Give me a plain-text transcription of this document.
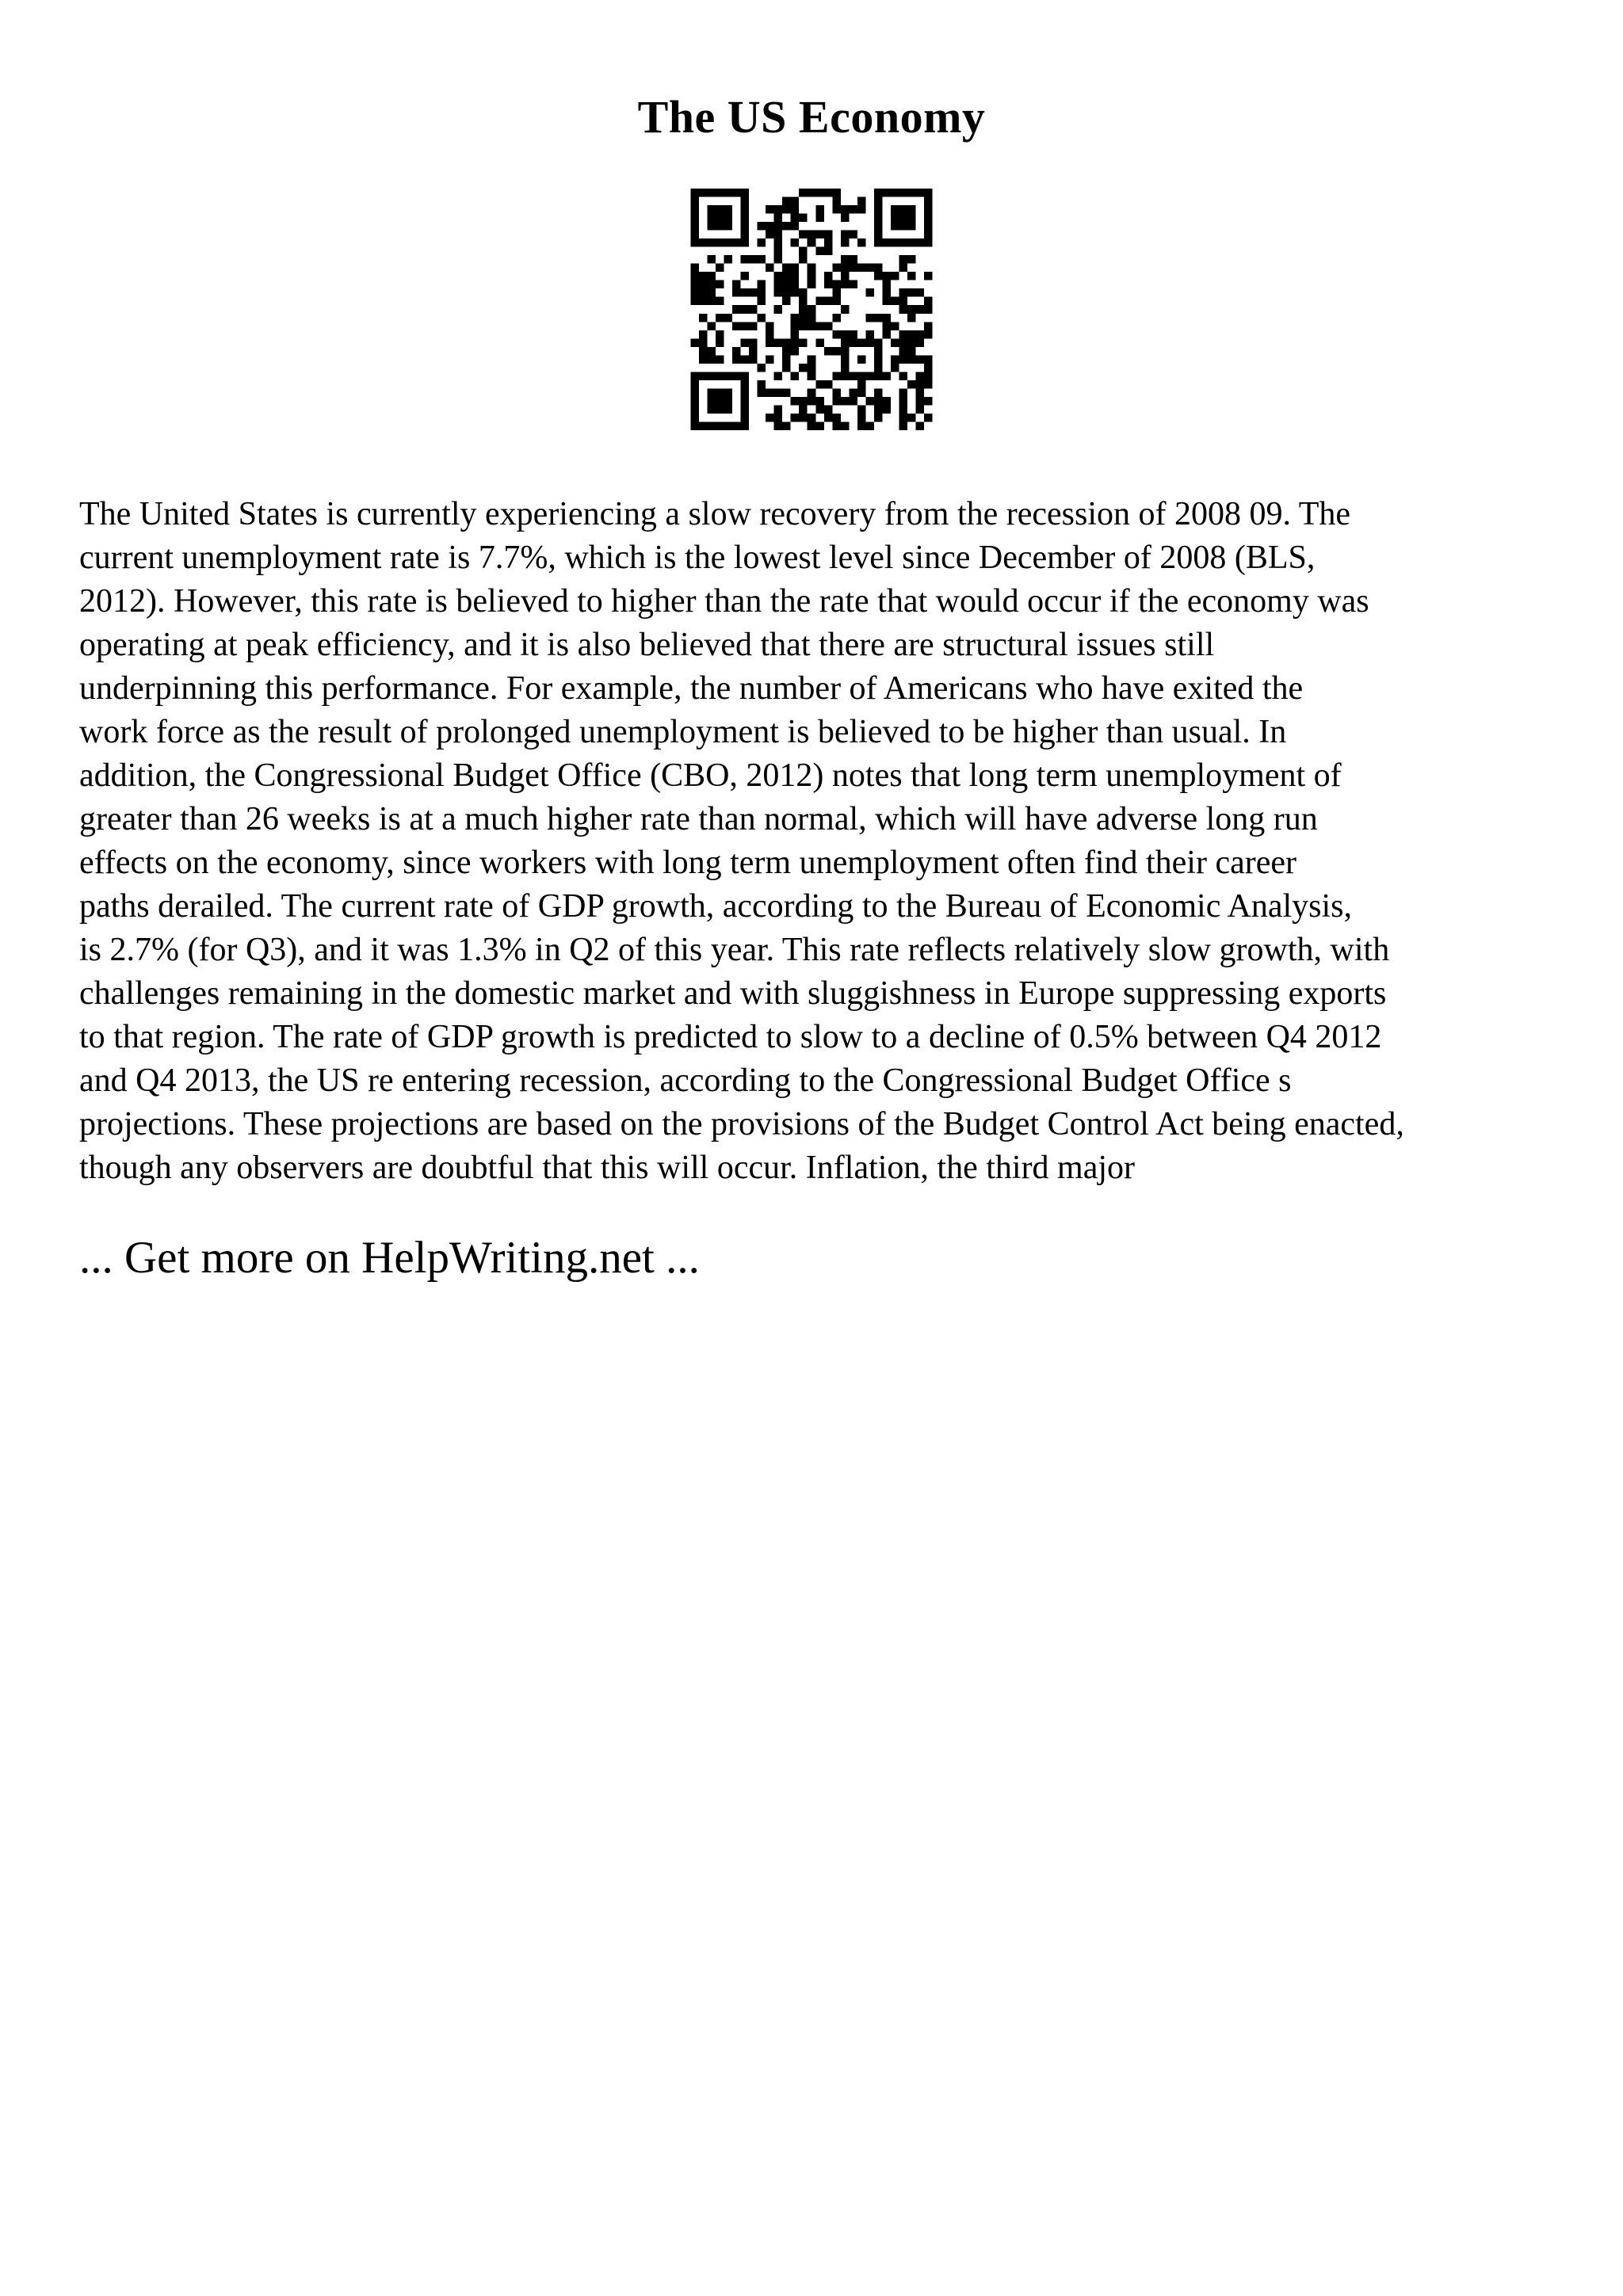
The US Economy
The United States is currently experiencing a slow recovery from the recession of 2008 09. The
current unemployment rate is 7.7%, which is the lowest level since December of 2008 (BLS,
2012). However, this rate is believed to higher than the rate that would occur if the economy was
operating at peak efficiency, and it is also believed that there are structural issues still
underpinning this performance. For example, the number of Americans who have exited the
work force as the result of prolonged unemployment is believed to be higher than usual. In
addition, the Congressional Budget Office (CBO, 2012) notes that long term unemployment of
greater than 26 weeks is at a much higher rate than normal, which will have adverse long run
effects on the economy, since workers with long term unemployment often find their career
paths derailed. The current rate of GDP growth, according to the Bureau of Economic Analysis,
is 2.7% (for Q3), and it was 1.3% in Q2 of this year. This rate reflects relatively slow growth, with
challenges remaining in the domestic market and with sluggishness in Europe suppressing exports
to that region. The rate of GDP growth is predicted to slow to a decline of 0.5% between Q4 2012
and Q4 2013, the US re entering recession, according to the Congressional Budget Office s
projections. These projections are based on the provisions of the Budget Control Act being enacted,
though any observers are doubtful that this will occur. Inflation, the third major
... Get more on HelpWriting.net ...
